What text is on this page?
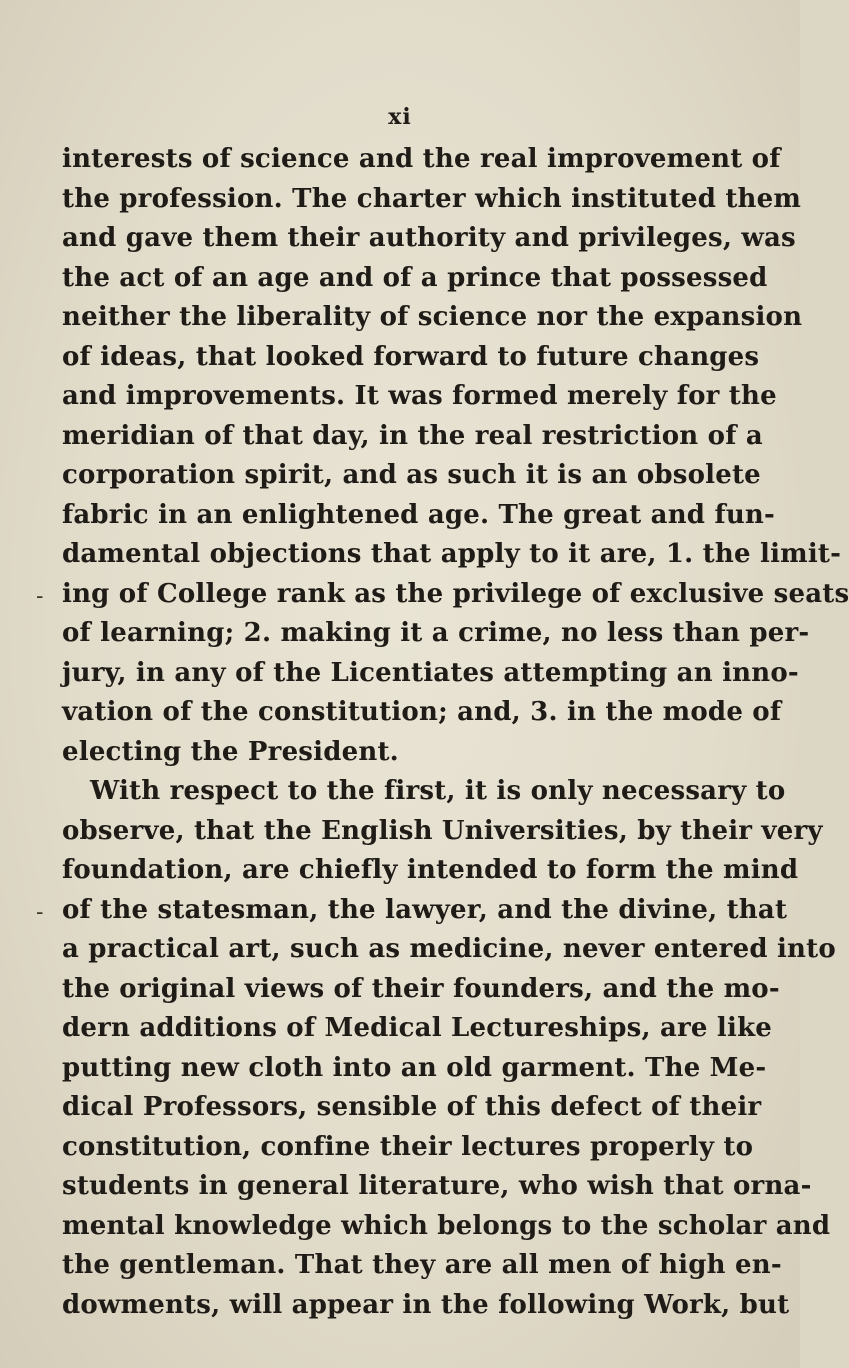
xi
interests of science and the real improvement of
the profession. The charter which instituted them
and gave them their authority and privileges, was
the act of an age and of a prince that possessed
neither the liberality of science nor the expansion
of ideas, that looked forward to future changes
and improvements. It was formed merely for the
meridian of that day, in the real restriction of a
corporation spirit, and as such it is an obsolete
fabric in an enlightened age. The great and fun-
damental objections that apply to it are, 1. the limit-
ing of College rank as the privilege of exclusive seats
of learning; 2. making it a crime, no less than per-
jury, in any of the Licentiates attempting an inno-
vation of the constitution; and, 3. in the mode of
electing the President.
With respect to the first, it is only necessary to
observe, that the English Universities, by their very
foundation, are chiefly intended to form the mind
of the statesman, the lawyer, and the divine, that
a practical art, such as medicine, never entered into
the original views of their founders, and the mo-
dern additions of Medical Lectureships, are like
putting new cloth into an old garment. The Me-
dical Professors, sensible of this defect of their
constitution, confine their lectures properly to
students in general literature, who wish that orna-
mental knowledge which belongs to the scholar and
the gentleman. That they are all men of high en-
dowments, will appear in the following Work, but
-
-
